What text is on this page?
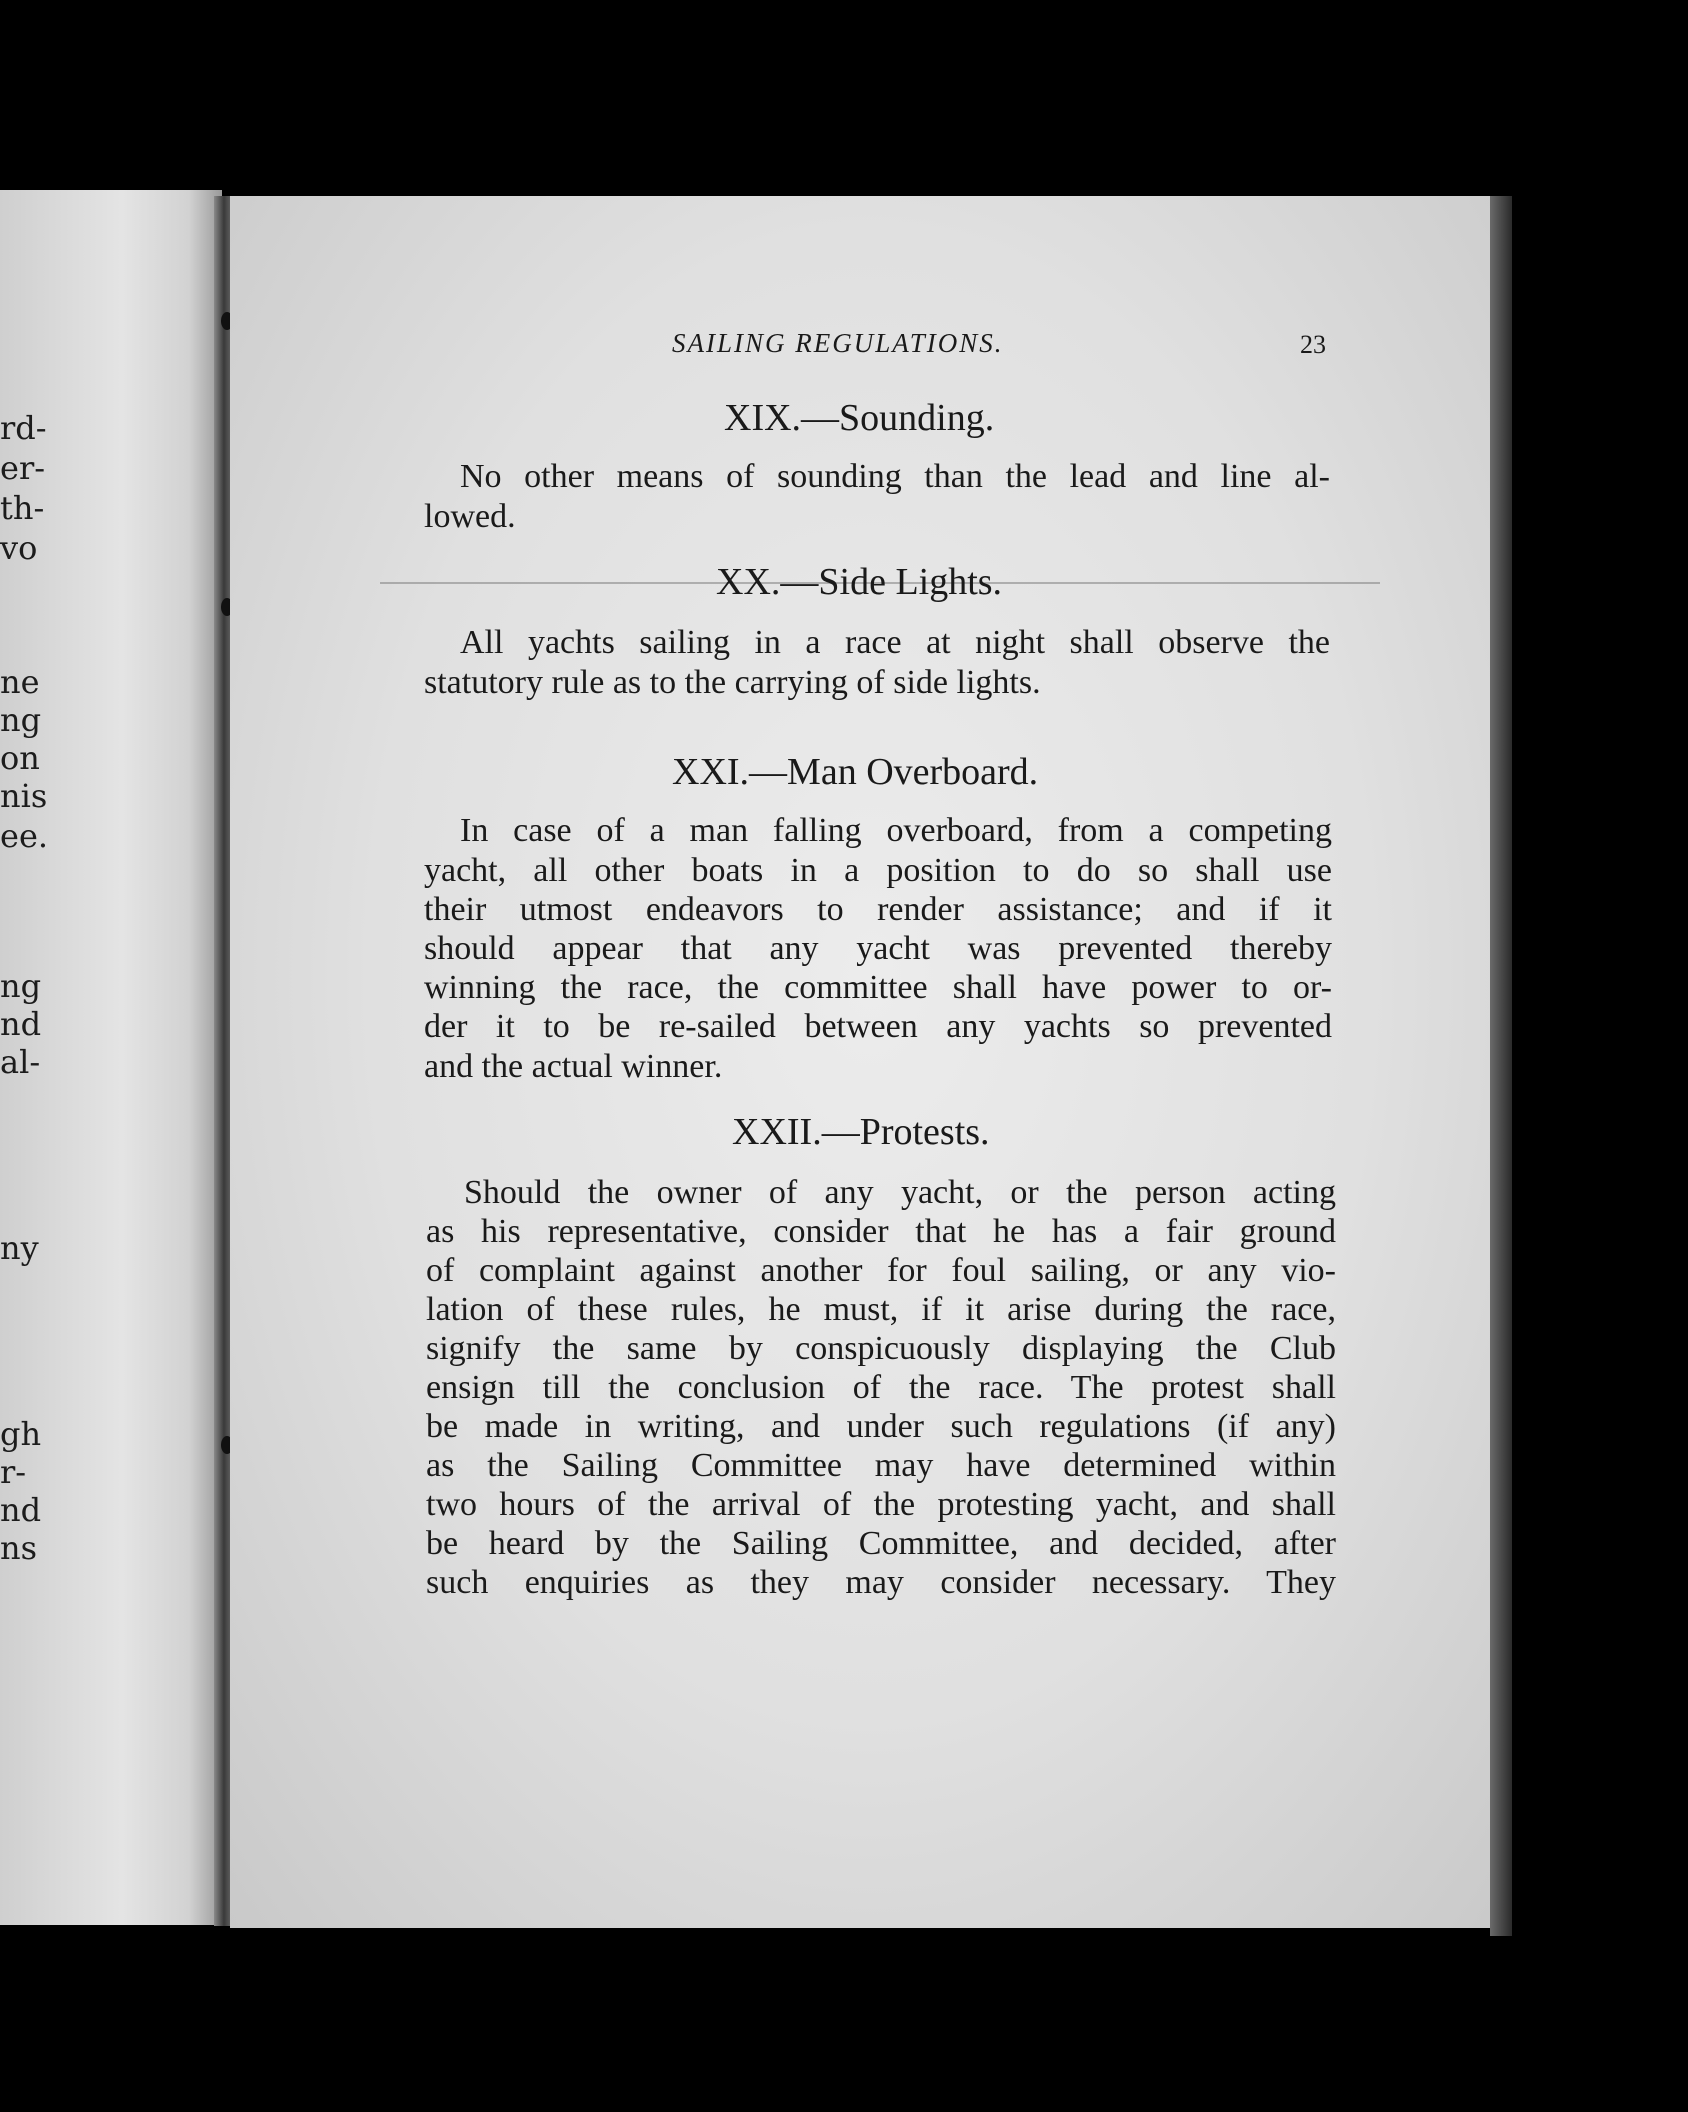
rd-
er-
th-
vo
ne
ng
on
nis
ee.
ng
nd
al-
ny
gh
r-
nd
ns
SAILING REGULATIONS.	23
XIX.—Sounding.
No other means of sounding than the lead and line al-
lowed.
XX.—Side Lights.
All yachts sailing in a race at night shall observe the
statutory rule as to the carrying of side lights.
XXI.—Man Overboard.
In case of a man falling overboard, from a competing
yacht, all other boats in a position to do so shall use
their utmost endeavors to render assistance; and if it
should appear that any yacht was prevented thereby
winning the race, the committee shall have power to or-
der it to be re-sailed between any yachts so prevented
and the actual winner.
XXII.—Protests.
Should the owner of any yacht, or the person acting
as his representative, consider that he has a fair ground
of complaint against another for foul sailing, or any vio-
lation of these rules, he must, if it arise during the race,
signify the same by conspicuously displaying the Club
ensign till the conclusion of the race. The protest shall
be made in writing, and under such regulations (if any)
as the Sailing Committee may have determined within
two hours of the arrival of the protesting yacht, and shall
be heard by the Sailing Committee, and decided, after
such enquiries as they may consider necessary. They
